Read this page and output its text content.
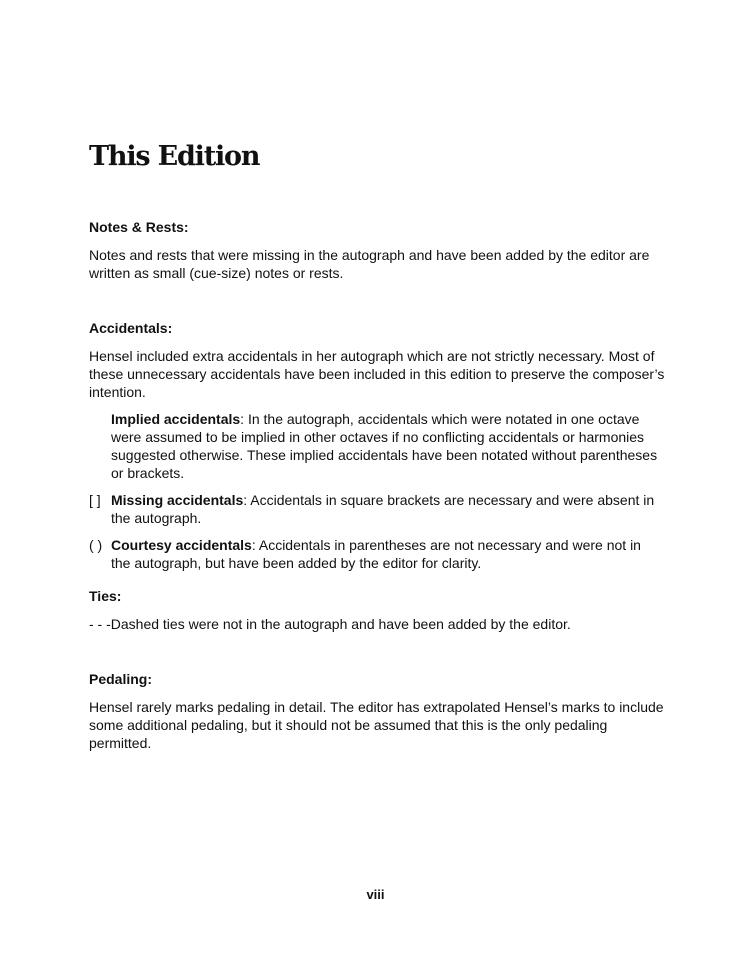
This Edition

Notes & Rests:

Notes and rests that were missing in the autograph and have been added by the editor are written as small (cue-size) notes or rests.

Accidentals:

Hensel included extra accidentals in her autograph which are not strictly necessary. Most of these unnecessary accidentals have been included in this edition to preserve the composer’s intention.

Implied accidentals: In the autograph, accidentals which were notated in one octave were assumed to be implied in other octaves if no conflicting accidentals or harmonies suggested otherwise. These implied accidentals have been notated without parentheses or brackets.
[ ] Missing accidentals: Accidentals in square brackets are necessary and were absent in the autograph.
( ) Courtesy accidentals: Accidentals in parentheses are not necessary and were not in the autograph, but have been added by the editor for clarity.

Ties:

- - -Dashed ties were not in the autograph and have been added by the editor.

Pedaling:

Hensel rarely marks pedaling in detail. The editor has extrapolated Hensel’s marks to include some additional pedaling, but it should not be assumed that this is the only pedaling permitted.

viii
